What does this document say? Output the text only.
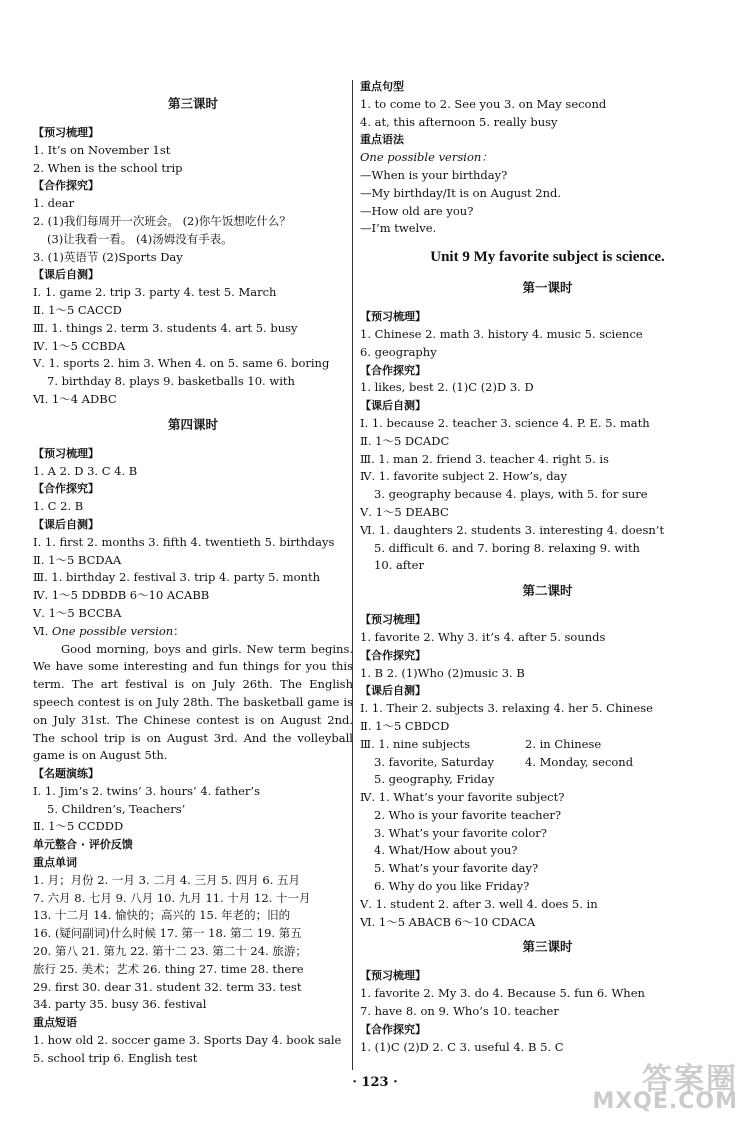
第三课时
【预习梳理】
1. It’s on November 1st
2. When is the school trip
【合作探究】
1. dear
2. (1)我们每周开一次班会。 (2)你午饭想吃什么？
(3)让我看一看。 (4)汤姆没有手表。
3. (1)英语节 (2)Sports Day
【课后自测】
Ⅰ. 1. game 2. trip 3. party 4. test 5. March
Ⅱ. 1～5 CACCD
Ⅲ. 1. things 2. term 3. students 4. art 5. busy
Ⅳ. 1～5 CCBDA
Ⅴ. 1. sports 2. him 3. When 4. on 5. same 6. boring
7. birthday 8. plays 9. basketballs 10. with
Ⅵ. 1～4 ADBC
第四课时
【预习梳理】
1. A 2. D 3. C 4. B
【合作探究】
1. C 2. B
【课后自测】
Ⅰ. 1. first 2. months 3. fifth 4. twentieth 5. birthdays
Ⅱ. 1～5 BCDAA
Ⅲ. 1. birthday 2. festival 3. trip 4. party 5. month
Ⅳ. 1～5 DDBDB 6～10 ACABB
Ⅴ. 1～5 BCCBA
Ⅵ. One possible version：

Good morning, boys and girls. New term begins. We have some interesting and fun things for you this term. The art festival is on July 26th. The English speech contest is on July 28th. The basketball game is on July 31st. The Chinese contest is on August 2nd. The school trip is on August 3rd. And the volleyball game is on August 5th.

【名题演练】
Ⅰ. 1. Jim’s 2. twins’ 3. hours’ 4. father’s
5. Children’s, Teachers’
Ⅱ. 1～5 CCDDD
单元整合 · 评价反馈
重点单词
1. 月；月份 2. 一月 3. 二月 4. 三月 5. 四月 6. 五月
7. 六月 8. 七月 9. 八月 10. 九月 11. 十月 12. 十一月
13. 十二月 14. 愉快的；高兴的 15. 年老的；旧的
16. (疑问副词)什么时候 17. 第一 18. 第二 19. 第五
20. 第八 21. 第九 22. 第十二 23. 第二十 24. 旅游；
旅行 25. 美术；艺术 26. thing 27. time 28. there
29. first 30. dear 31. student 32. term 33. test
34. party 35. busy 36. festival
重点短语
1. how old 2. soccer game 3. Sports Day 4. book sale
5. school trip 6. English test
重点句型
1. to come to 2. See you 3. on May second
4. at, this afternoon 5. really busy
重点语法
One possible version：
—When is your birthday?
—My birthday/It is on August 2nd.
—How old are you?
—I’m twelve.
Unit 9 My favorite subject is science.
第一课时
【预习梳理】
1. Chinese 2. math 3. history 4. music 5. science
6. geography
【合作探究】
1. likes, best 2. (1)C (2)D 3. D
【课后自测】
Ⅰ. 1. because 2. teacher 3. science 4. P. E. 5. math
Ⅱ. 1～5 DCADC
Ⅲ. 1. man 2. friend 3. teacher 4. right 5. is
Ⅳ. 1. favorite subject 2. How’s, day
3. geography because 4. plays, with 5. for sure
Ⅴ. 1～5 DEABC
Ⅵ. 1. daughters 2. students 3. interesting 4. doesn’t
5. difficult 6. and 7. boring 8. relaxing 9. with
10. after
第二课时
【预习梳理】
1. favorite 2. Why 3. it’s 4. after 5. sounds
【合作探究】
1. B 2. (1)Who (2)music 3. B
【课后自测】
Ⅰ. 1. Their 2. subjects 3. relaxing 4. her 5. Chinese
Ⅱ. 1～5 CBDCD
Ⅲ. 1. nine subjects	2. in Chinese
3. favorite, Saturday	4. Monday, second
5. geography, Friday
Ⅳ. 1. What’s your favorite subject?
2. Who is your favorite teacher?
3. What’s your favorite color?
4. What/How about you?
5. What’s your favorite day?
6. Why do you like Friday?
Ⅴ. 1. student 2. after 3. well 4. does 5. in
Ⅵ. 1～5 ABACB 6～10 CDACA
第三课时
【预习梳理】
1. favorite 2. My 3. do 4. Because 5. fun 6. When
7. have 8. on 9. Who’s 10. teacher
【合作探究】
1. (1)C (2)D 2. C 3. useful 4. B 5. C
· 123 ·	答案圈
MXQE.COM
